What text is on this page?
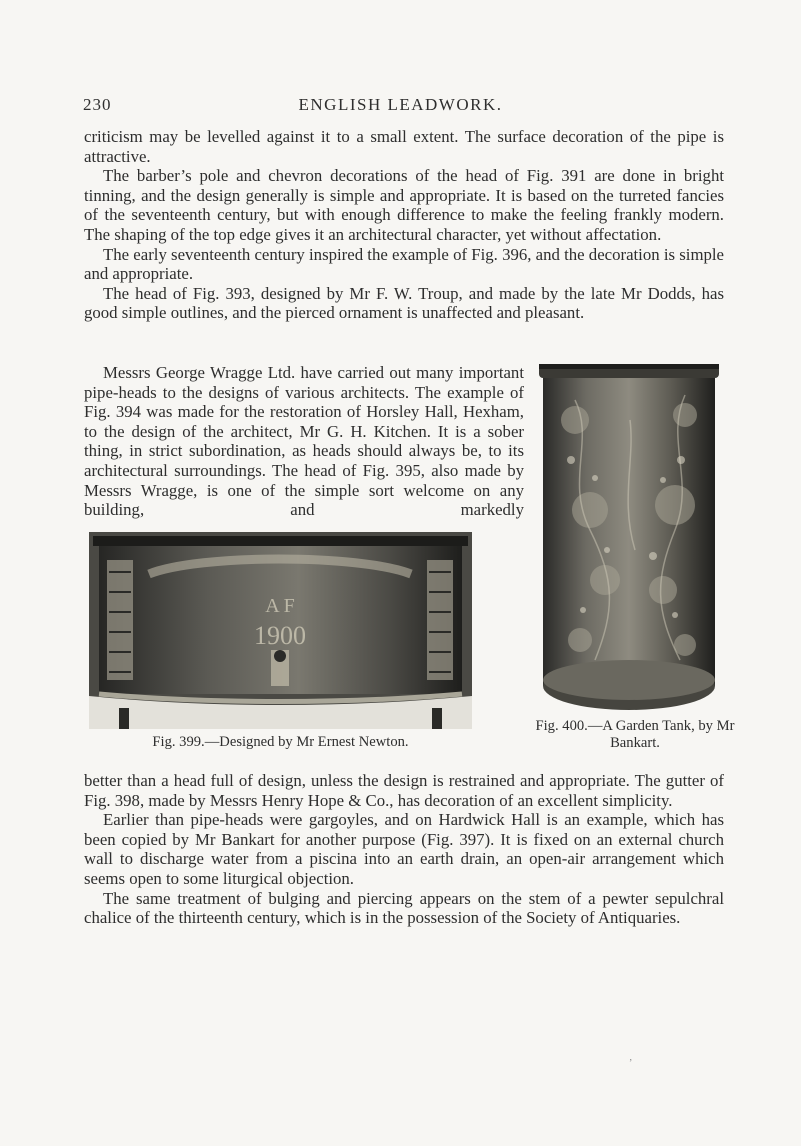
230	ENGLISH LEADWORK.

criticism may be levelled against it to a small extent. The surface decoration of the pipe is attractive.

The barber’s pole and chevron decorations of the head of Fig. 391 are done in bright tinning, and the design generally is simple and appropriate. It is based on the turreted fancies of the seventeenth century, but with enough difference to make the feeling frankly modern. The shaping of the top edge gives it an architectural character, yet without affectation.

The early seventeenth century inspired the example of Fig. 396, and the decoration is simple and appropriate.

The head of Fig. 393, designed by Mr F. W. Troup, and made by the late Mr Dodds, has good simple outlines, and the pierced ornament is unaffected and pleasant.

Messrs George Wragge Ltd. have carried out many important pipe-heads to the designs of various architects. The example of Fig. 394 was made for the restoration of Horsley Hall, Hexham, to the design of the architect, Mr G. H. Kitchen. It is a sober thing, in strict subordination, as heads should always be, to its architectural surroundings. The head of Fig. 395, also made by Messrs Wragge, is one of the simple sort welcome on any building, and markedly

Fig. 400.—A Garden Tank, by Mr Bankart.
A F
1900
Fig. 399.—Designed by Mr Ernest Newton.

better than a head full of design, unless the design is restrained and appropriate. The gutter of Fig. 398, made by Messrs Henry Hope & Co., has decoration of an excellent simplicity.

Earlier than pipe-heads were gargoyles, and on Hardwick Hall is an example, which has been copied by Mr Bankart for another purpose (Fig. 397). It is fixed on an external church wall to discharge water from a piscina into an earth drain, an open-air arrangement which seems open to some liturgical objection.

The same treatment of bulging and piercing appears on the stem of a pewter sepulchral chalice of the thirteenth century, which is in the possession of the Society of Antiquaries.

’
